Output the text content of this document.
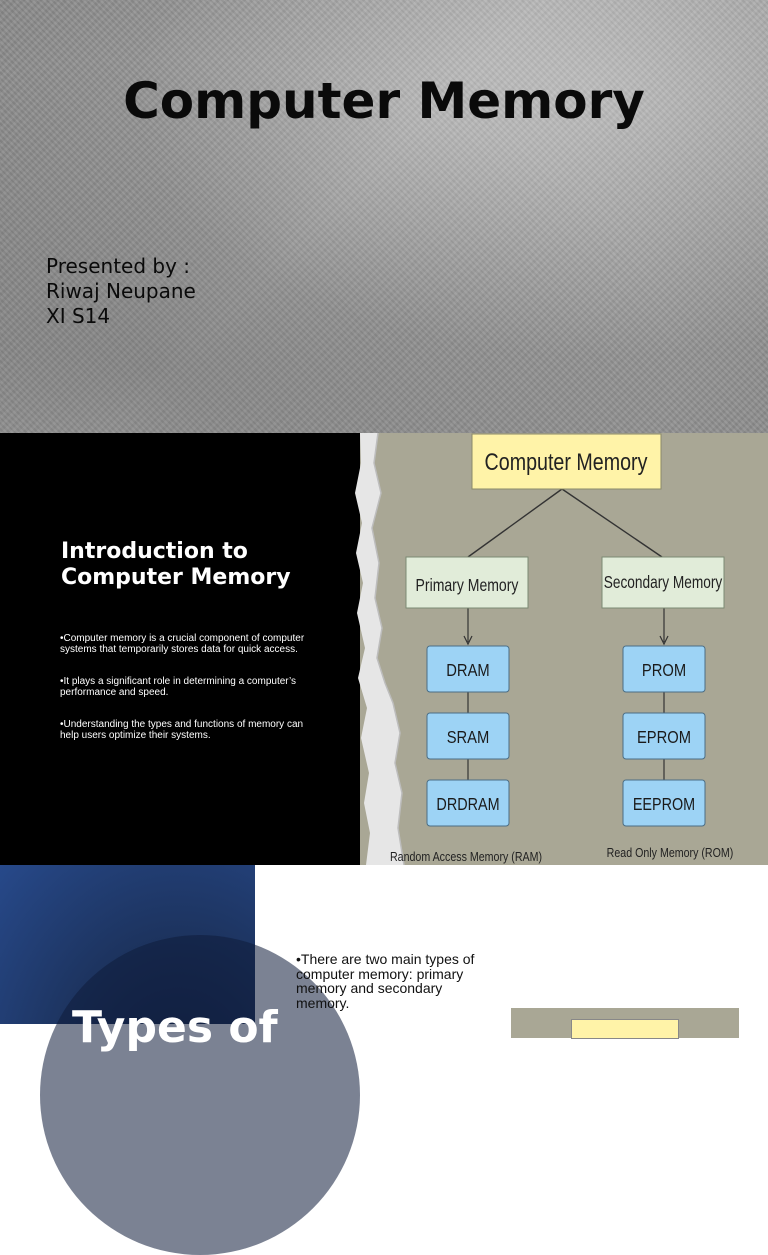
Computer Memory
Presented by :
Riwaj Neupane
XI S14
Introduction to
Computer Memory

•Computer memory is a crucial component of computer systems that temporarily stores data for quick access.

•It plays a significant role in determining a computer’s performance and speed.

•Understanding the types and functions of memory can help users optimize their systems.

Computer Memory
Primary Memory	Secondary Memory
DRAM
SRAM
DRDRAM
PROM
EPROM
EEPROM
Random Access Memory (RAM)	Read Only Memory (ROM)
Types of
•There are two main types of computer memory: primary memory and secondary memory.
